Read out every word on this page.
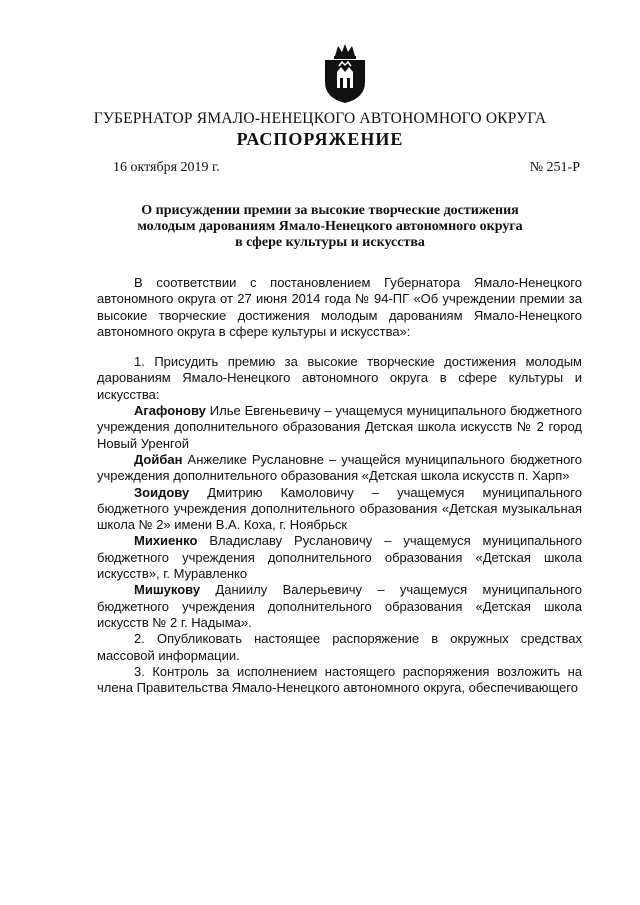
ГУБЕРНАТОР ЯМАЛО-НЕНЕЦКОГО АВТОНОМНОГО ОКРУГА
РАСПОРЯЖЕНИЕ
16 октября 2019 г.	№ 251-Р
О присуждении премии за высокие творческие достижения
молодым дарованиям Ямало-Ненецкого автономного округа
в сфере культуры и искусства

В соответствии с постановлением Губернатора Ямало-Ненецкого автономного округа от 27 июня 2014 года № 94-ПГ «Об учреждении премии за высокие творческие достижения молодым дарованиям Ямало-Ненецкого автономного округа в сфере культуры и искусства»:

1. Присудить премию за высокие творческие достижения молодым дарованиям Ямало-Ненецкого автономного округа в сфере культуры и искусства:

Агафонову Илье Евгеньевичу – учащемуся муниципального бюджетного учреждения дополнительного образования Детская школа искусств № 2 город Новый Уренгой

Дойбан Анжелике Руслановне – учащейся муниципального бюджетного учреждения дополнительного образования «Детская школа искусств п. Харп»

Зоидову Дмитрию Камоловичу – учащемуся муниципального бюджетного учреждения дополнительного образования «Детская музыкальная школа № 2» имени В.А. Коха, г. Ноябрьск

Михиенко Владиславу Руслановичу – учащемуся муниципального бюджетного учреждения дополнительного образования «Детская школа искусств», г. Муравленко

Мишукову Даниилу Валерьевичу – учащемуся муниципального бюджетного учреждения дополнительного образования «Детская школа искусств № 2 г. Надыма».

2. Опубликовать настоящее распоряжение в окружных средствах массовой информации.

3. Контроль за исполнением настоящего распоряжения возложить на члена Правительства Ямало-Ненецкого автономного округа, обеспечивающего
